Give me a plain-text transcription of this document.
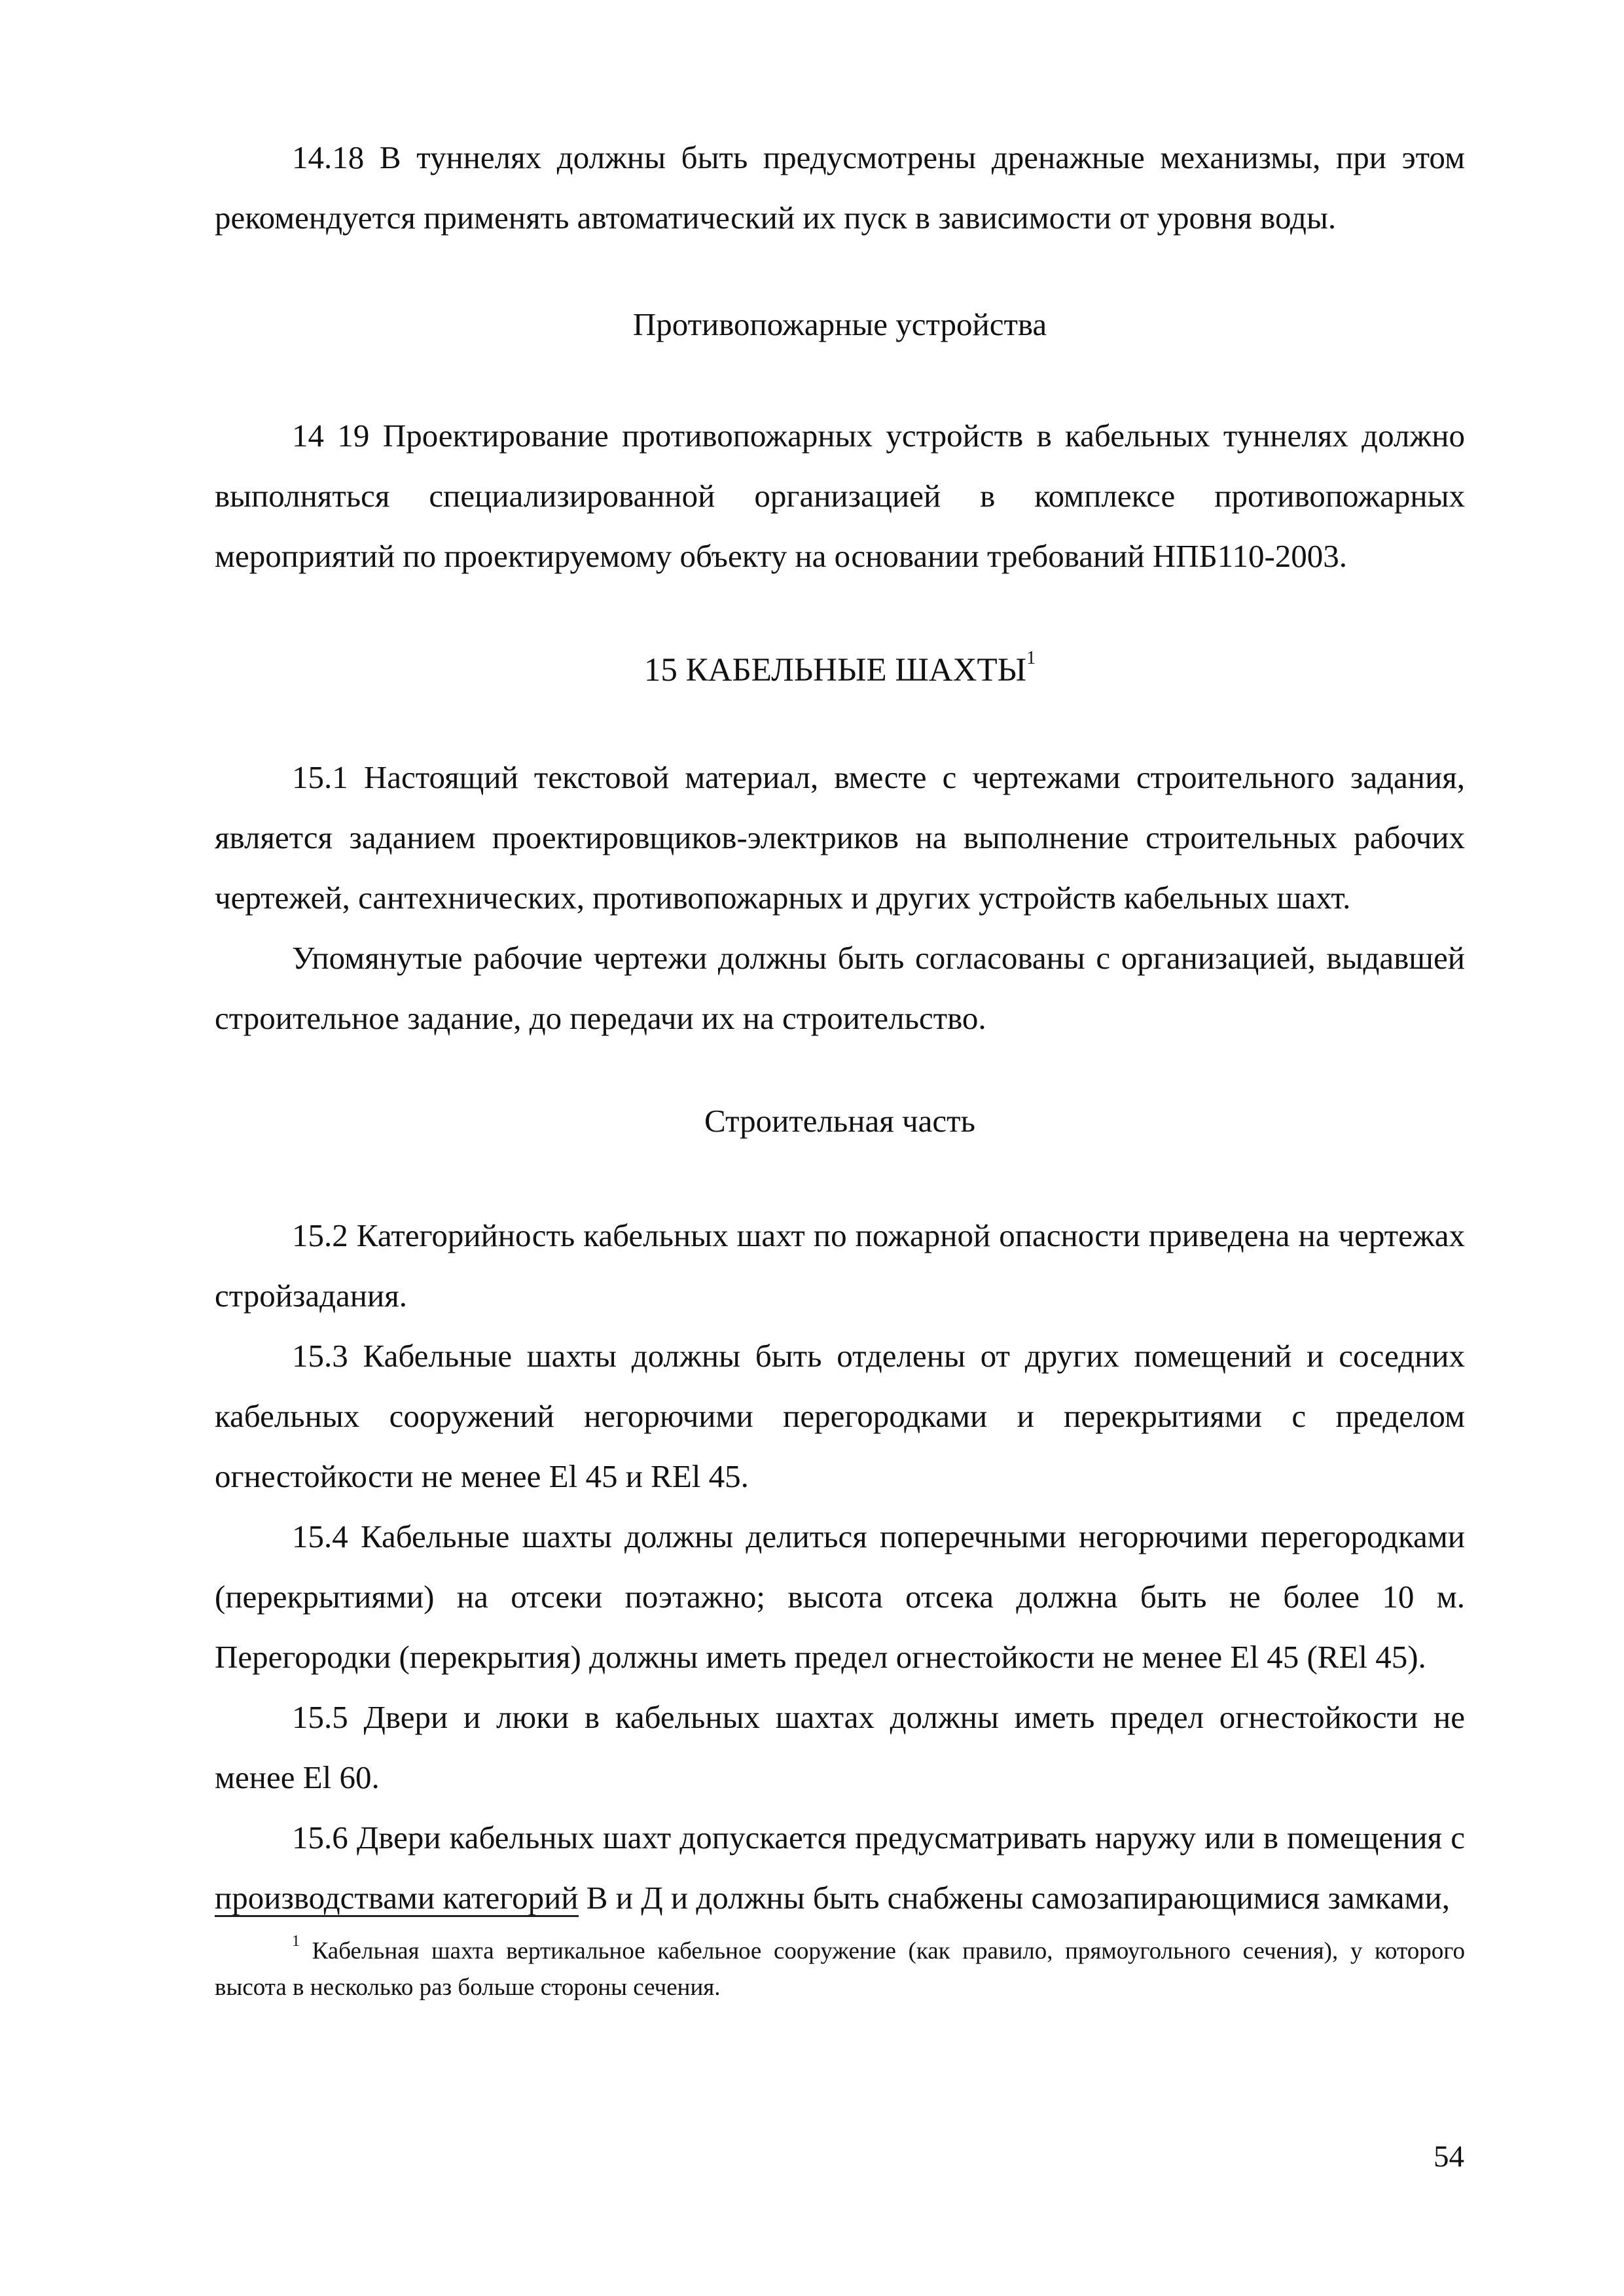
14.18 В туннелях должны быть предусмотрены дренажные механизмы, при этом рекомендуется применять автоматический их пуск в зависимости от уровня воды.

Противопожарные устройства

14 19 Проектирование противопожарных устройств в кабельных туннелях должно выполняться специализированной организацией в комплексе противопожарных мероприятий по проектируемому объекту на основании требований НПБ110-2003.

15 КАБЕЛЬНЫЕ ШАХТЫ$^1$

15.1 Настоящий текстовой материал, вместе с чертежами строительного задания, является заданием проектировщиков-электриков на выполнение строительных рабочих чертежей, сантехнических, противопожарных и других устройств кабельных шахт.

Упомянутые рабочие чертежи должны быть согласованы с организацией, выдавшей строительное задание, до передачи их на строительство.

Строительная часть

15.2 Категорийность кабельных шахт по пожарной опасности приведена на чертежах стройзадания.

15.3 Кабельные шахты должны быть отделены от других помещений и соседних кабельных сооружений негорючими перегородками и перекрытиями с пределом огнестойкости не менее El 45 и REl 45.

15.4 Кабельные шахты должны делиться поперечными негорючими перегородками (перекрытиями) на отсеки поэтажно; высота отсека должна быть не более 10 м. Перегородки (перекрытия) должны иметь предел огнестойкости не менее El 45 (REl 45).

15.5 Двери и люки в кабельных шахтах должны иметь предел огнестойкости не менее El 60.

15.6 Двери кабельных шахт допускается предусматривать наружу или в помещения с производствами категорий В и Д и должны быть снабжены самозапирающимися замками,

$^1$ Кабельная шахта вертикальное кабельное сооружение (как правило, прямоугольного сечения), у которого высота в несколько раз больше стороны сечения.

54
